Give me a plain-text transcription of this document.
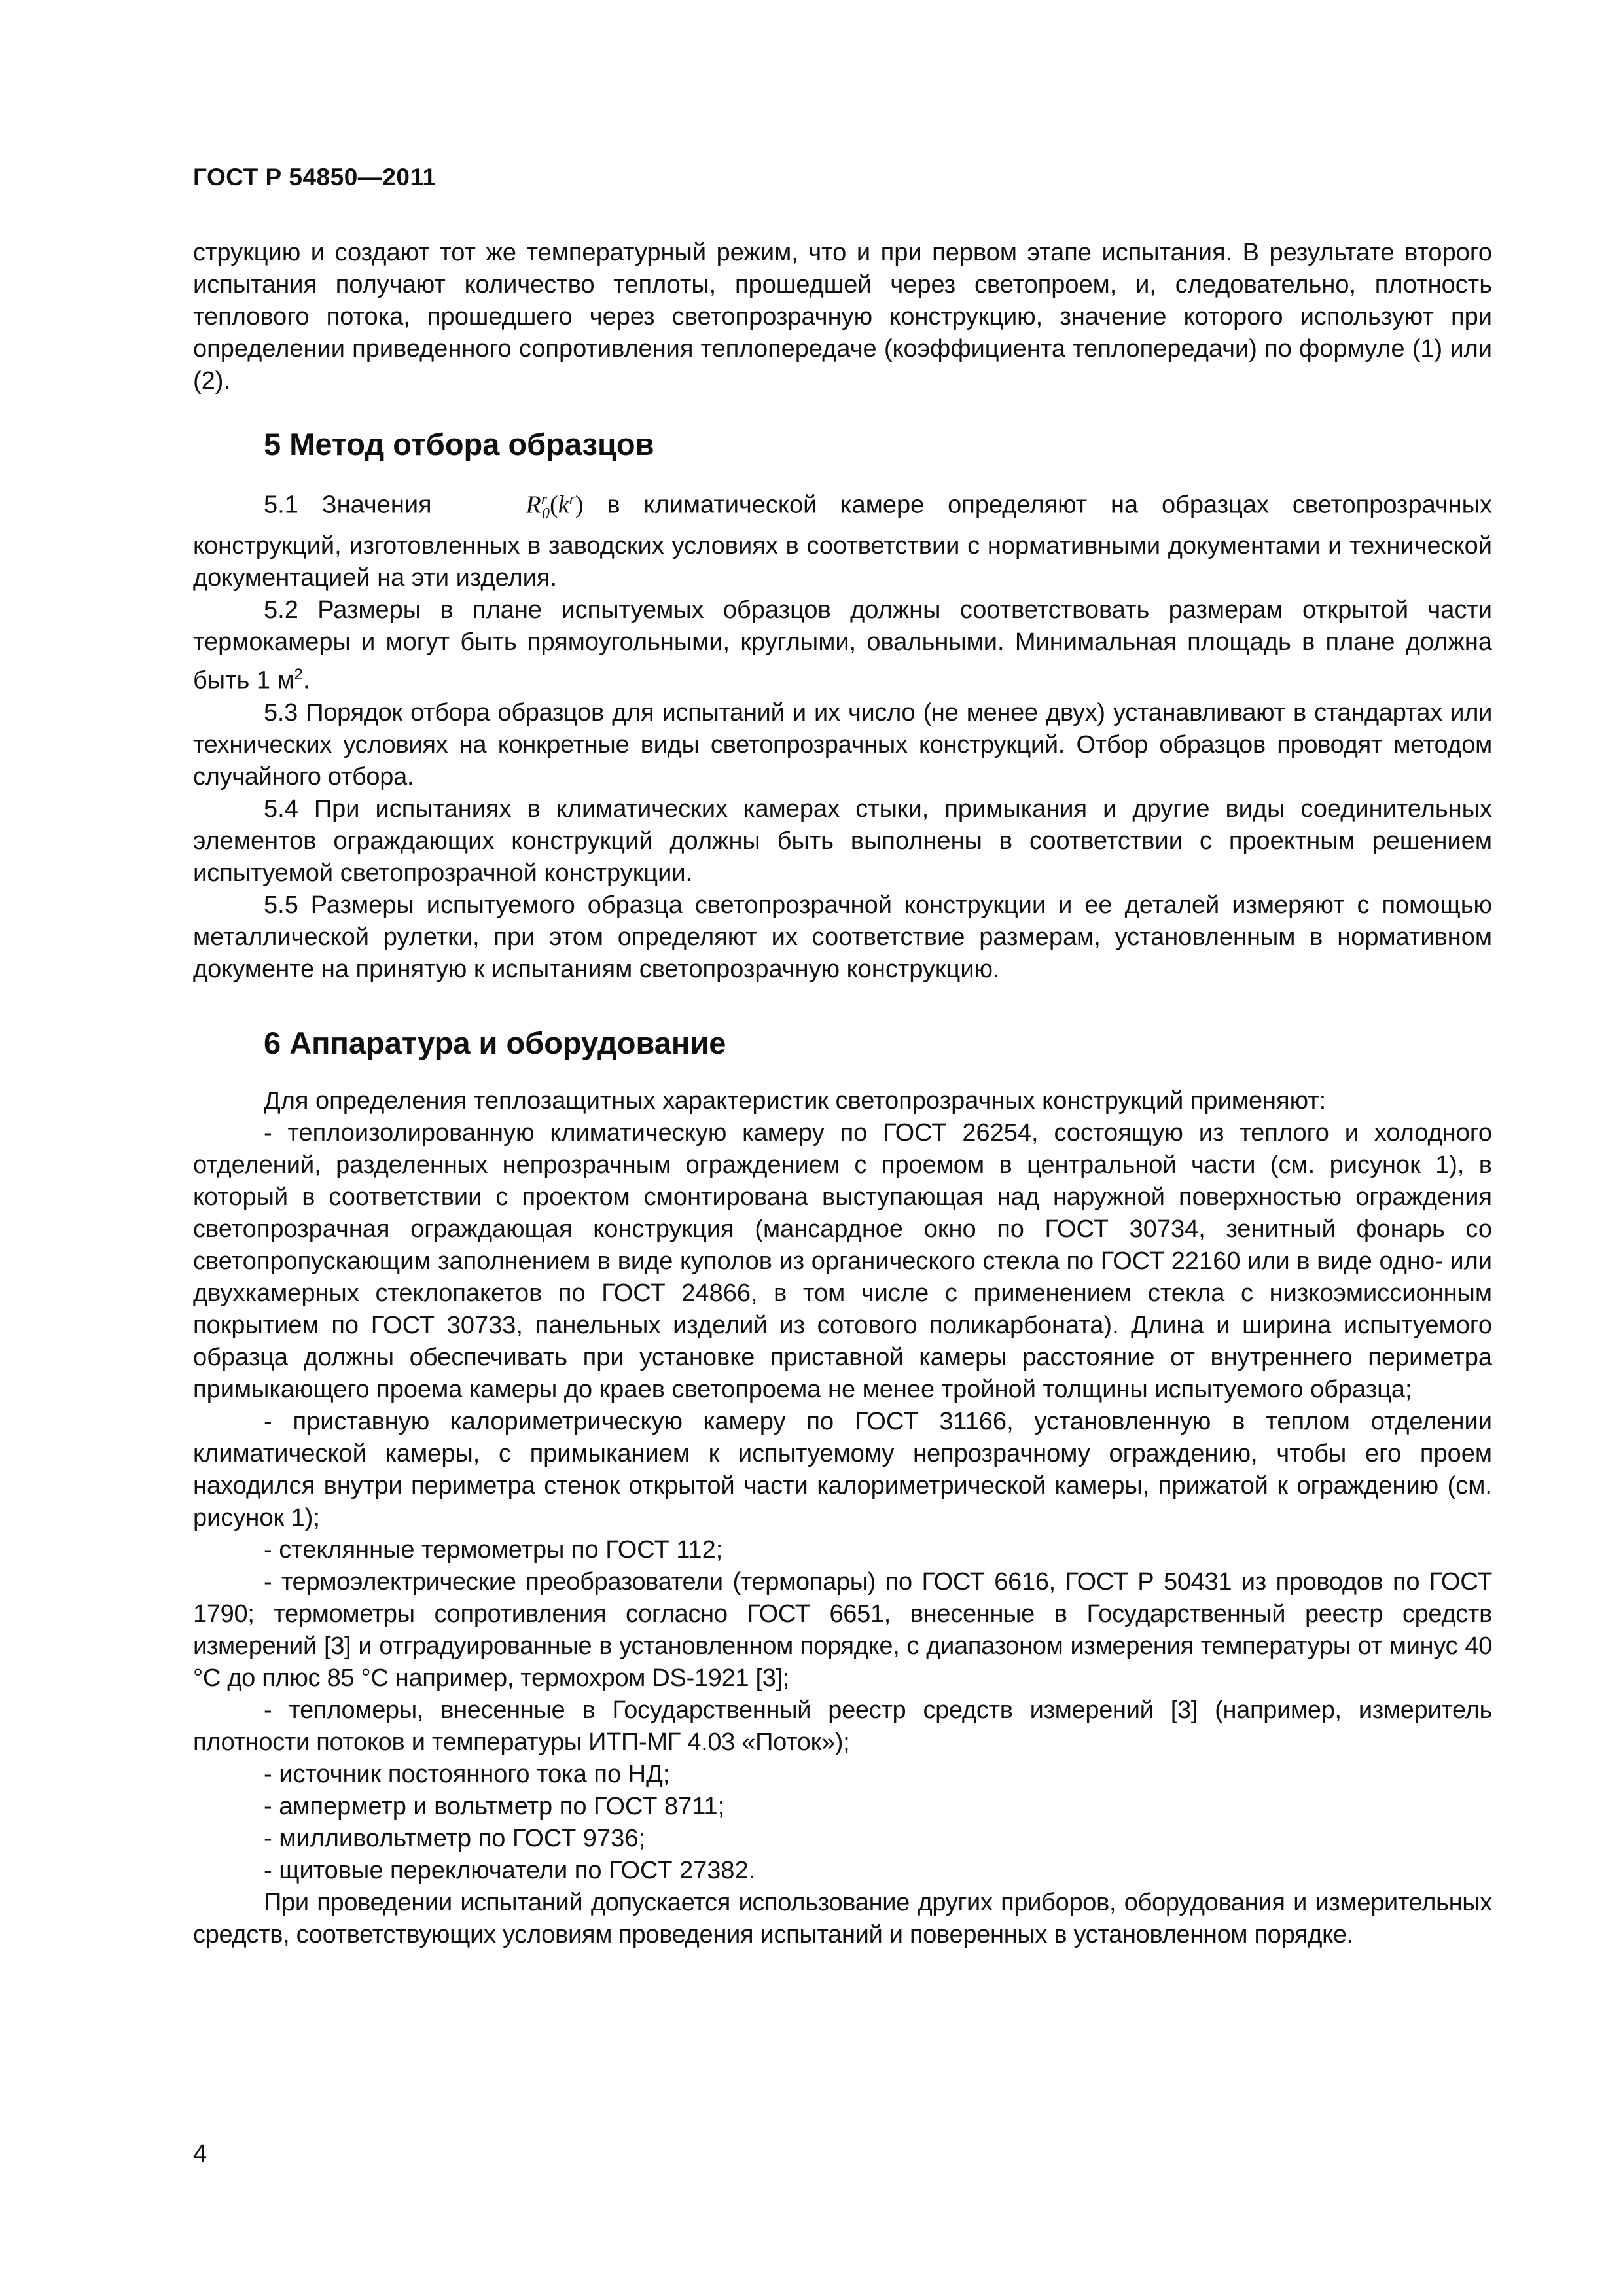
ГОСТ Р 54850—2011

струкцию и создают тот же температурный режим, что и при первом этапе испытания. В результате второго испытания получают количество теплоты, прошедшей через светопроем, и, следовательно, плотность теплового потока, прошедшего через светопрозрачную конструкцию, значение которого используют при определении приведенного сопротивления теплопередаче (коэффициента теплопередачи) по формуле (1) или (2).

5 Метод отбора образцов

5.1 Значения	$R^r_0(k^r)$ в климатической камере определяют на образцах светопрозрачных конструкций, изготовленных в заводских условиях в соответствии с нормативными документами и технической документацией на эти изделия.

5.2 Размеры в плане испытуемых образцов должны соответствовать размерам открытой части термокамеры и могут быть прямоугольными, круглыми, овальными. Минимальная площадь в плане должна быть 1 $м^2$.

5.3 Порядок отбора образцов для испытаний и их число (не менее двух) устанавливают в стандартах или технических условиях на конкретные виды светопрозрачных конструкций. Отбор образцов проводят методом случайного отбора.

5.4 При испытаниях в климатических камерах стыки, примыкания и другие виды соединительных элементов ограждающих конструкций должны быть выполнены в соответствии с проектным решением испытуемой светопрозрачной конструкции.

5.5 Размеры испытуемого образца светопрозрачной конструкции и ее деталей измеряют с помощью металлической рулетки, при этом определяют их соответствие размерам, установленным в нормативном документе на принятую к испытаниям светопрозрачную конструкцию.

6 Аппаратура и оборудование

Для определения теплозащитных характеристик светопрозрачных конструкций применяют:

- теплоизолированную климатическую камеру по ГОСТ 26254, состоящую из теплого и холодного отделений, разделенных непрозрачным ограждением с проемом в центральной части (см. рисунок 1), в который в соответствии с проектом смонтирована выступающая над наружной поверхностью ограждения светопрозрачная ограждающая конструкция (мансардное окно по ГОСТ 30734, зенитный фонарь со светопропускающим заполнением в виде куполов из органического стекла по ГОСТ 22160 или в виде одно- или двухкамерных стеклопакетов по ГОСТ 24866, в том числе с применением стекла с низкоэмиссионным покрытием по ГОСТ 30733, панельных изделий из сотового поликарбоната). Длина и ширина испытуемого образца должны обеспечивать при установке приставной камеры расстояние от внутреннего периметра примыкающего проема камеры до краев светопроема не менее тройной толщины испытуемого образца;

- приставную калориметрическую камеру по ГОСТ 31166, установленную в теплом отделении климатической камеры, с примыканием к испытуемому непрозрачному ограждению, чтобы его проем находился внутри периметра стенок открытой части калориметрической камеры, прижатой к ограждению (см. рисунок 1);

- стеклянные термометры по ГОСТ 112;

- термоэлектрические преобразователи (термопары) по ГОСТ 6616, ГОСТ Р 50431 из проводов по ГОСТ 1790; термометры сопротивления согласно ГОСТ 6651, внесенные в Государственный реестр средств измерений [3] и отградуированные в установленном порядке, с диапазоном измерения температуры от минус 40 °С до плюс 85 °С например, термохром DS-1921 [3];

- тепломеры, внесенные в Государственный реестр средств измерений [3] (например, измеритель плотности потоков и температуры ИТП-МГ 4.03 «Поток»);

- источник постоянного тока по НД;

- амперметр и вольтметр по ГОСТ 8711;

- милливольтметр по ГОСТ 9736;

- щитовые переключатели по ГОСТ 27382.

При проведении испытаний допускается использование других приборов, оборудования и измерительных средств, соответствующих условиям проведения испытаний и поверенных в установленном порядке.

4
